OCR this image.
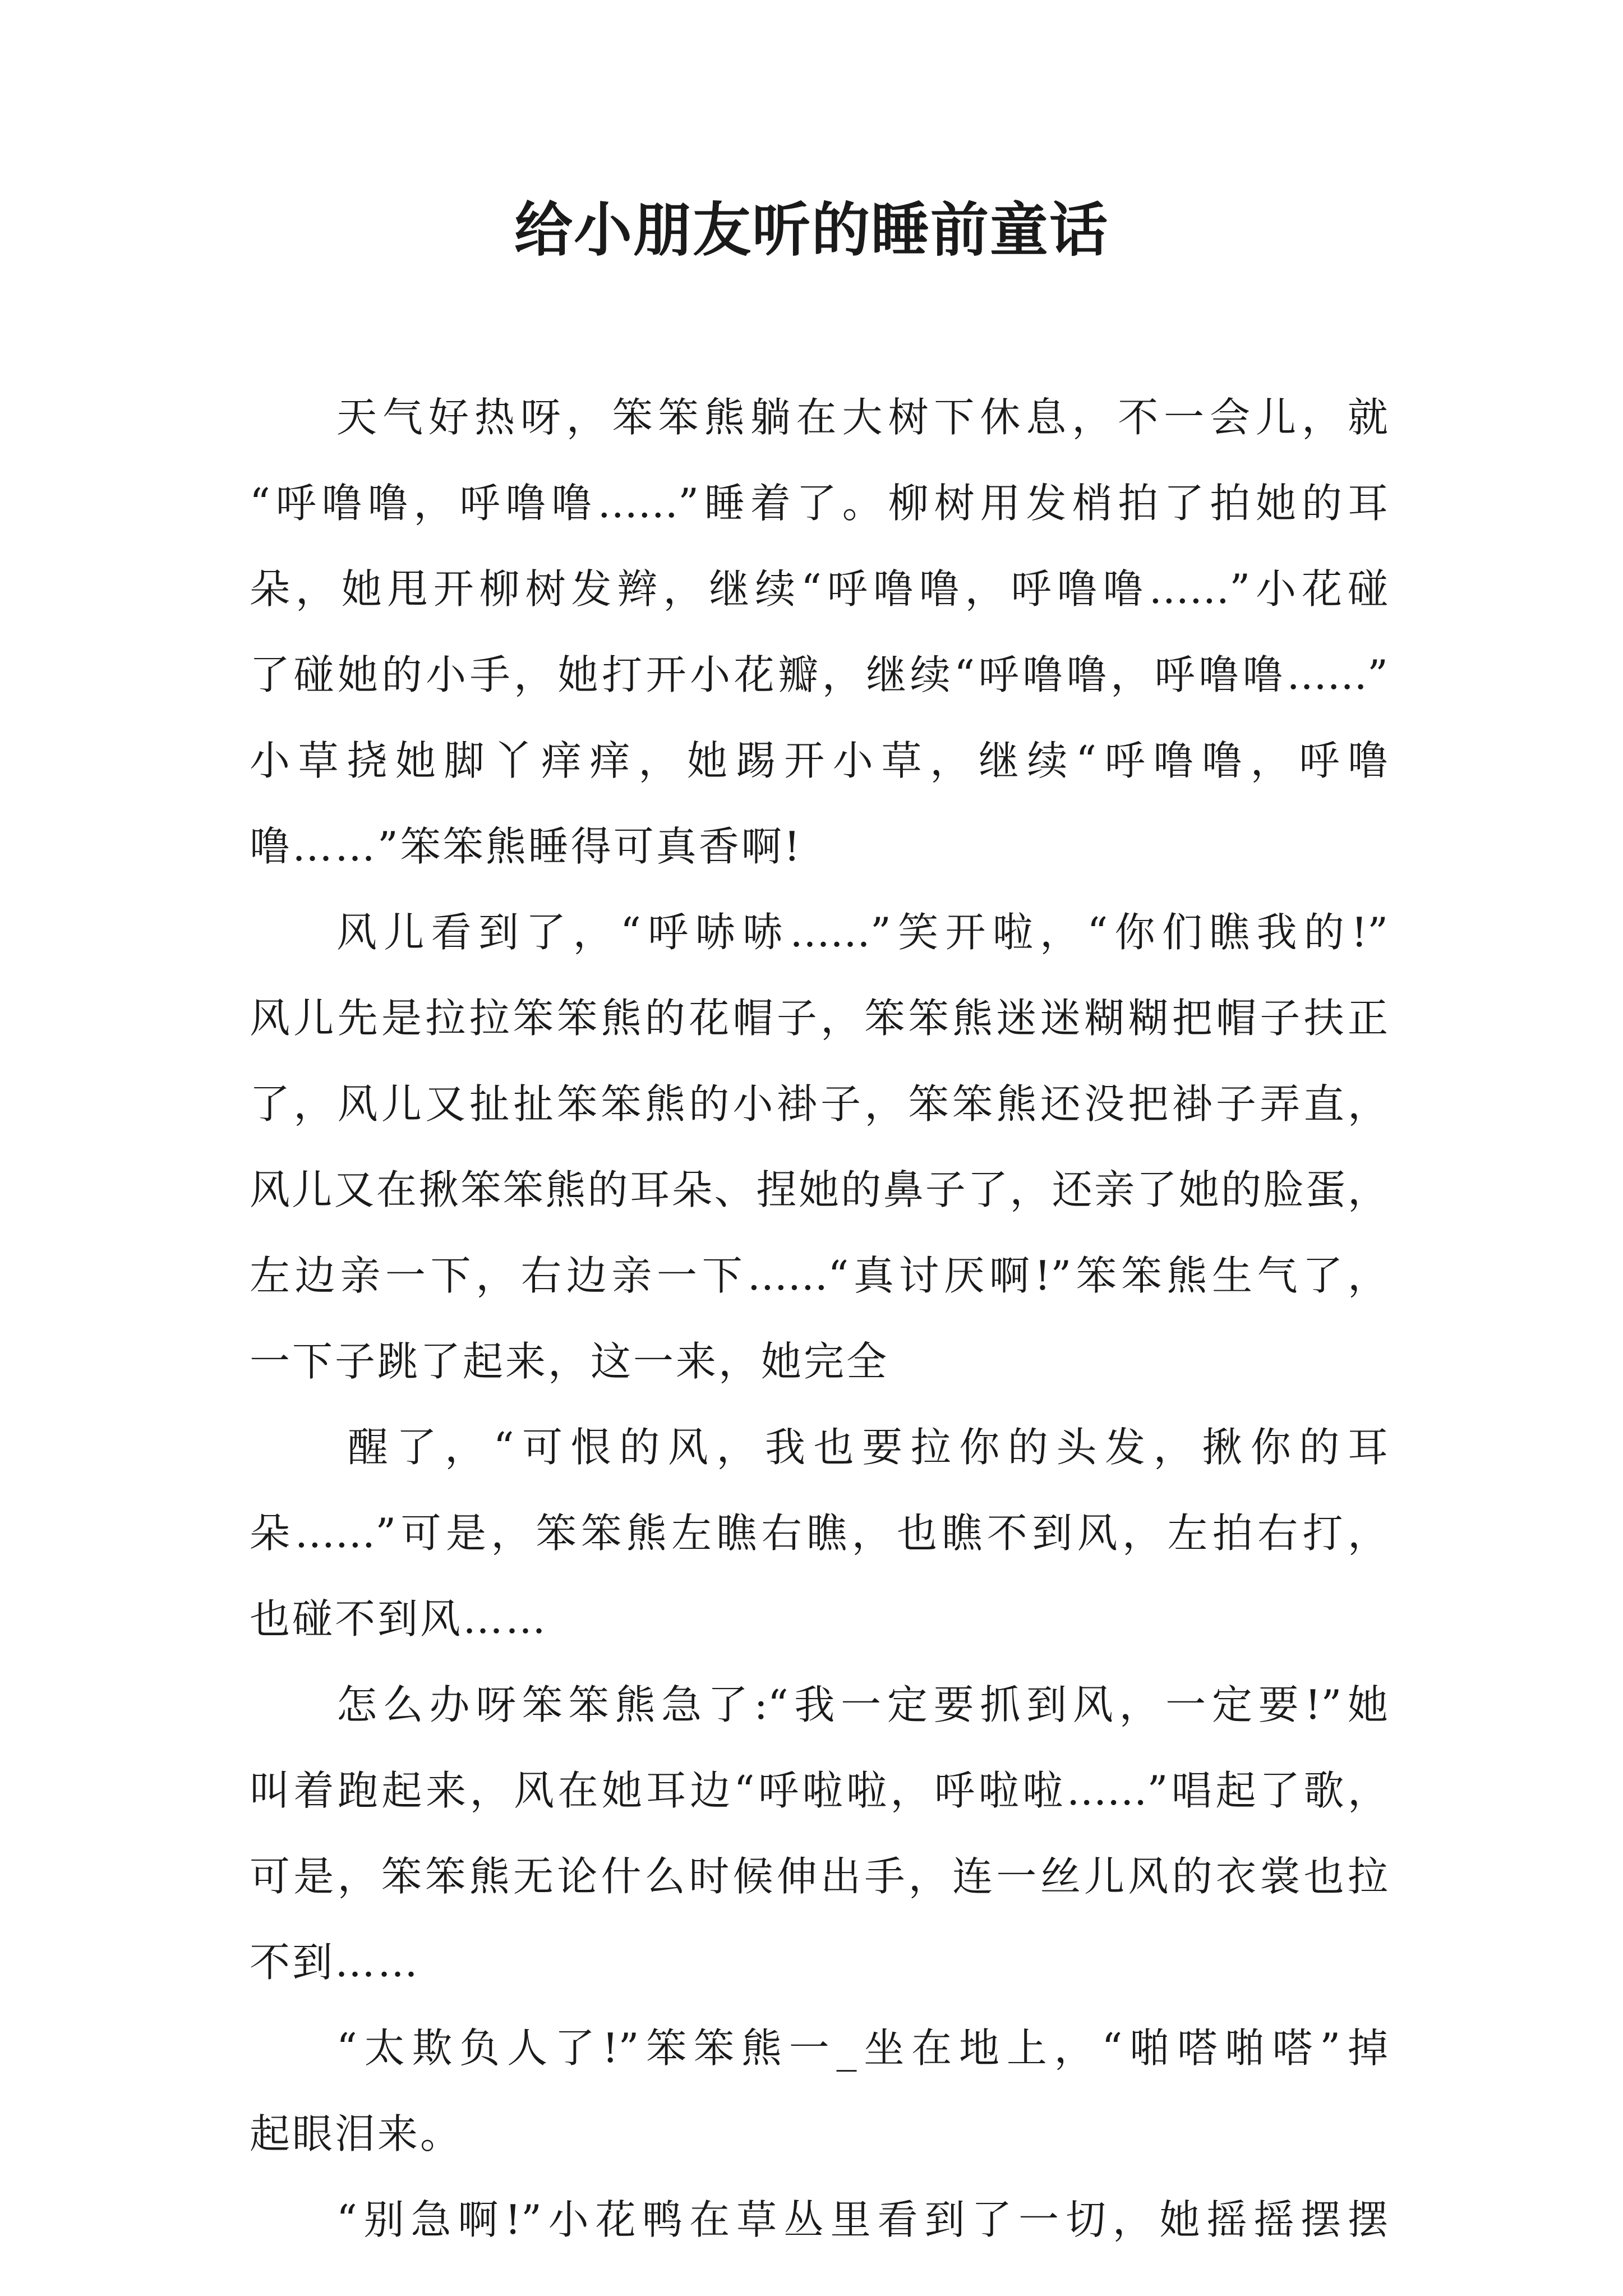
给小朋友听的睡前童话
天气好热呀，笨笨熊躺在大树下休息，不一会儿，就
“呼噜噜，呼噜噜……”睡着了。柳树用发梢拍了拍她的耳
朵，她甩开柳树发辫，继续“呼噜噜，呼噜噜……”小花碰
了碰她的小手，她打开小花瓣，继续“呼噜噜，呼噜噜……”
小草挠她脚丫痒痒，她踢开小草，继续“呼噜噜，呼噜
噜……”笨笨熊睡得可真香啊!
风儿看到了，“呼哧哧……”笑开啦，“你们瞧我的!”
风儿先是拉拉笨笨熊的花帽子，笨笨熊迷迷糊糊把帽子扶正
了，风儿又扯扯笨笨熊的小褂子，笨笨熊还没把褂子弄直，
风儿又在揪笨笨熊的耳朵、捏她的鼻子了，还亲了她的脸蛋，
左边亲一下，右边亲一下……“真讨厌啊!”笨笨熊生气了，
一下子跳了起来，这一来，她完全
醒了，“可恨的风，我也要拉你的头发，揪你的耳
朵……”可是，笨笨熊左瞧右瞧，也瞧不到风，左拍右打，
也碰不到风……
怎么办呀笨笨熊急了:“我一定要抓到风，一定要!”她
叫着跑起来，风在她耳边“呼啦啦，呼啦啦……”唱起了歌，
可是，笨笨熊无论什么时候伸出手，连一丝儿风的衣裳也拉
不到……
“太欺负人了!”笨笨熊一_坐在地上，“啪嗒啪嗒”掉
起眼泪来。
“别急啊!”小花鸭在草丛里看到了一切，她摇摇摆摆
